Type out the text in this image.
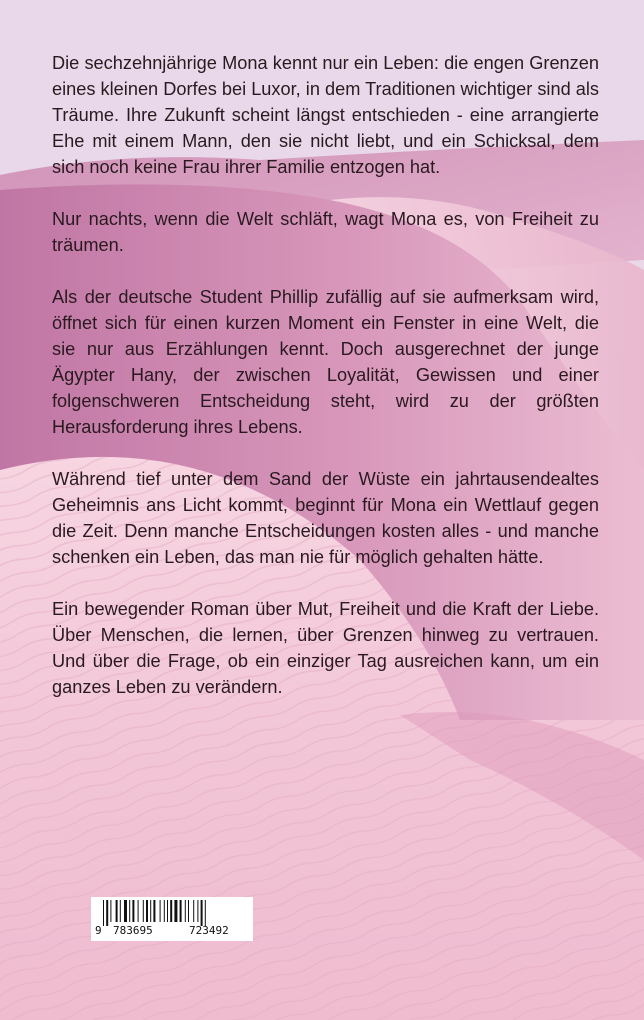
Die sechzehnjährige Mona kennt nur ein Leben: die engen Grenzen eines kleinen Dorfes bei Luxor, in dem Traditionen wichtiger sind als Träume. Ihre Zukunft scheint längst entschieden - eine arrangierte Ehe mit einem Mann, den sie nicht liebt, und ein Schicksal, dem sich noch keine Frau ihrer Familie entzogen hat.

Nur nachts, wenn die Welt schläft, wagt Mona es, von Freiheit zu träumen.

Als der deutsche Student Phillip zufällig auf sie aufmerksam wird, öffnet sich für einen kurzen Moment ein Fenster in eine Welt, die sie nur aus Erzählungen kennt. Doch ausgerechnet der junge Ägypter Hany, der zwischen Loyalität, Gewissen und einer folgenschweren Entscheidung steht, wird zu der größten Herausforderung ihres Lebens.

Während tief unter dem Sand der Wüste ein jahrtausendealtes Geheimnis ans Licht kommt, beginnt für Mona ein Wettlauf gegen die Zeit. Denn manche Entscheidungen kosten alles - und manche schenken ein Leben, das man nie für möglich gehalten hätte.

Ein bewegender Roman über Mut, Freiheit und die Kraft der Liebe. Über Menschen, die lernen, über Grenzen hinweg zu vertrauen. Und über die Frage, ob ein einziger Tag ausreichen kann, um ein ganzes Leben zu verändern.

9 783695	723492
